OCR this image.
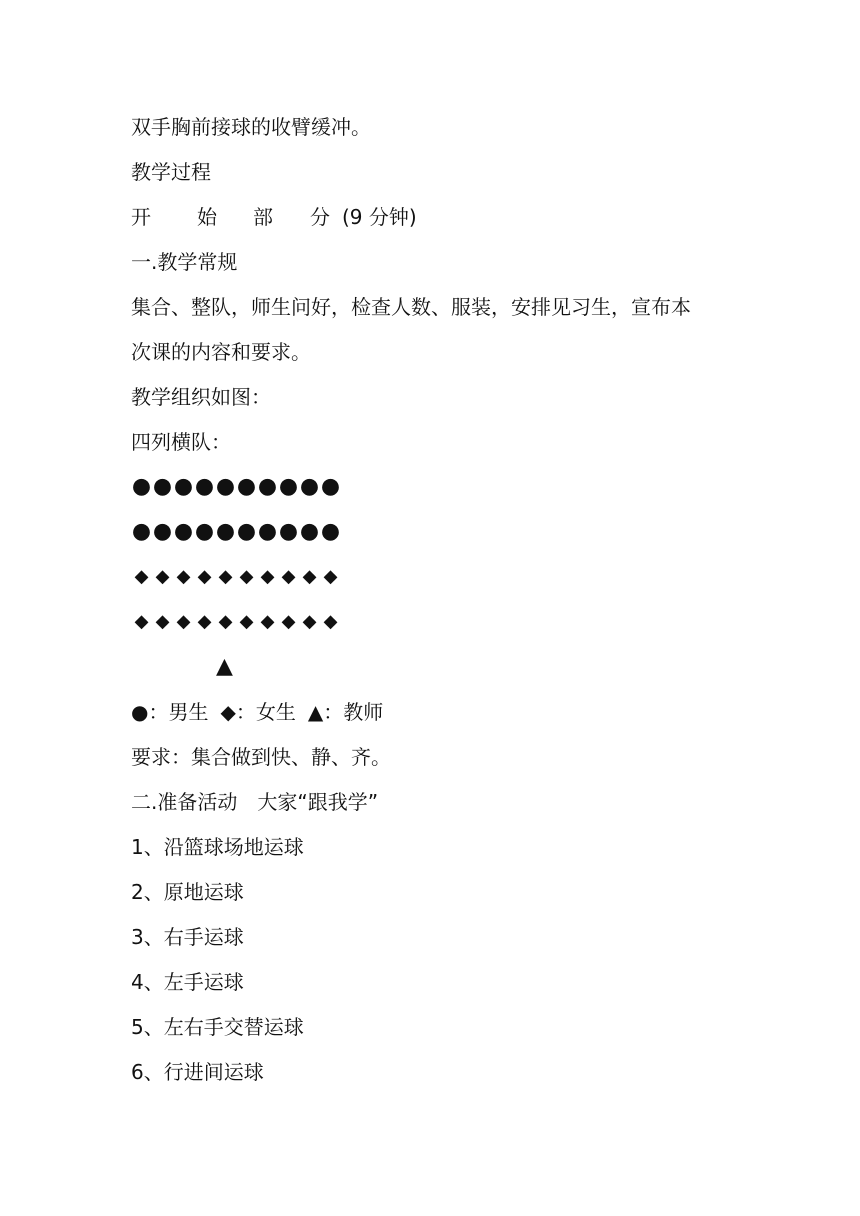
双手胸前接球的收臂缓冲。
教学过程
开 始 部 分 (9 分钟)
一.教学常规
集合、整队，师生问好，检查人数、服装，安排见习生，宣布本
次课的内容和要求。
教学组织如图：
四列横队：
●●●●●●●●●●
●●●●●●●●●●
◆ ◆ ◆ ◆ ◆ ◆ ◆ ◆ ◆ ◆
◆ ◆ ◆ ◆ ◆ ◆ ◆ ◆ ◆ ◆
▲
●：男生 ◆：女生 ▲：教师
要求：集合做到快、静、齐。
二.准备活动　大家“跟我学”
1、沿篮球场地运球
2、原地运球
3、右手运球
4、左手运球
5、左右手交替运球
6、行进间运球
